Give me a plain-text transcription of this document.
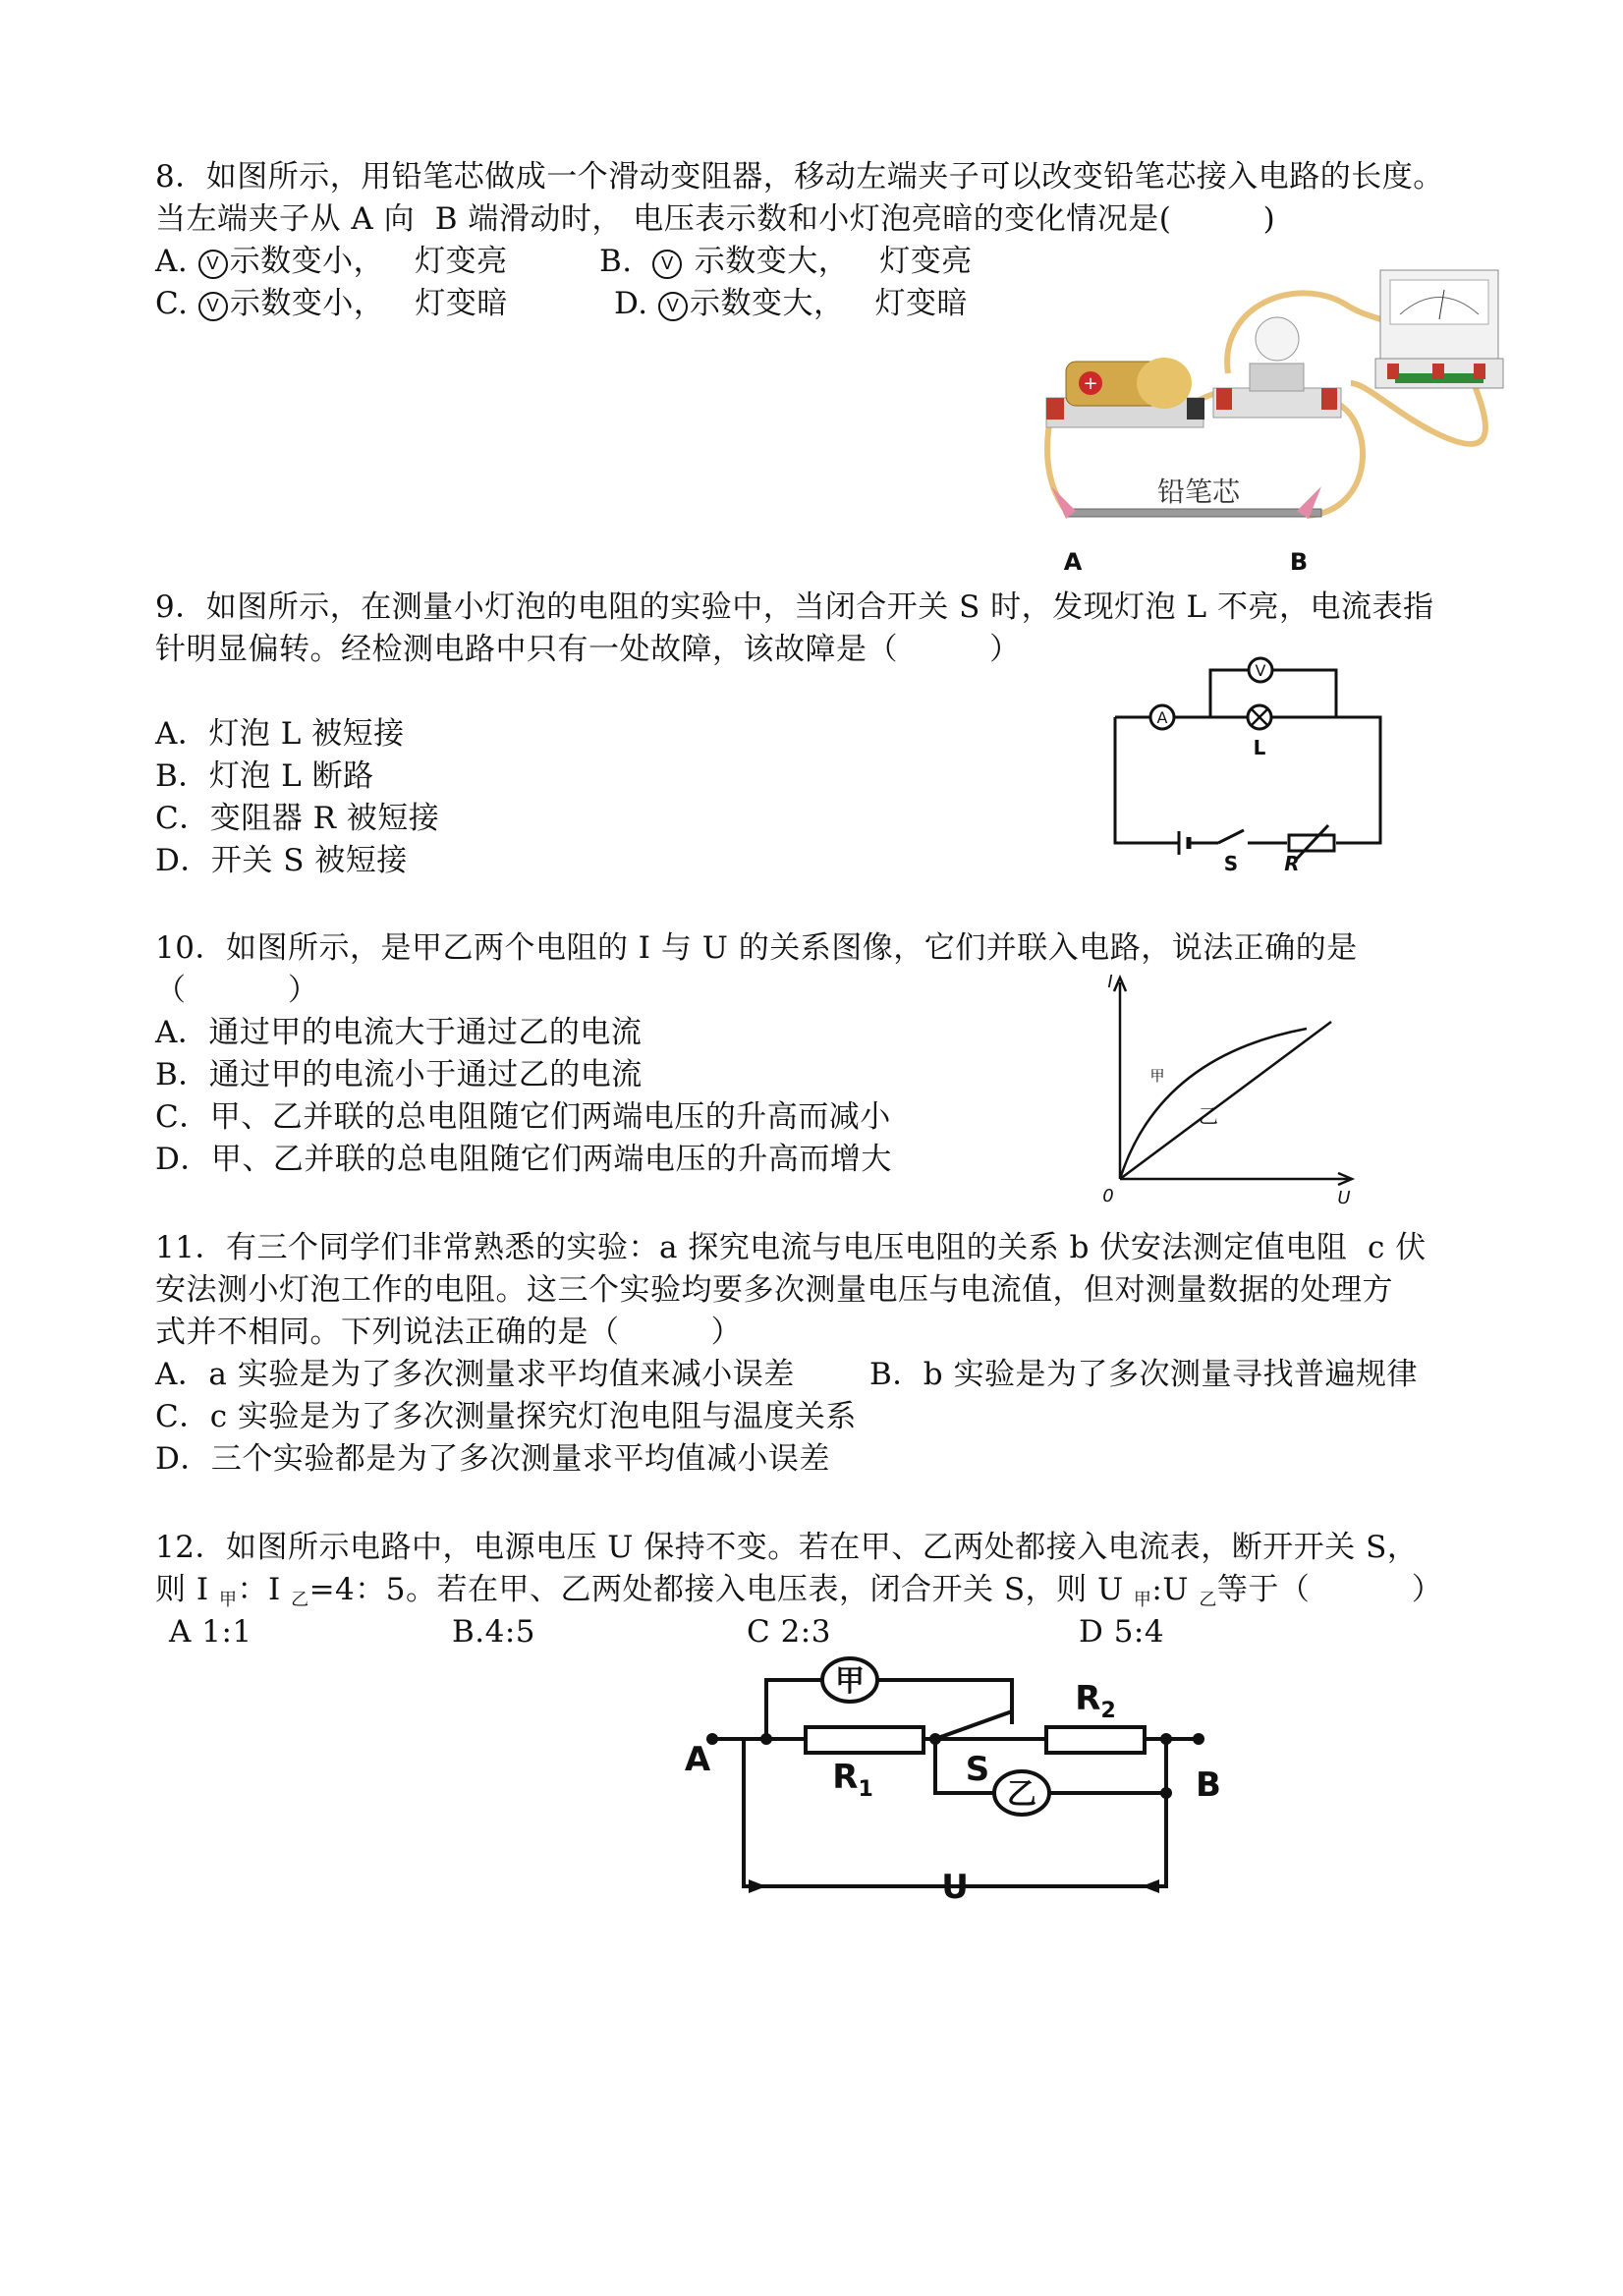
8．如图所示，用铅笔芯做成一个滑动变阻器，移动左端夹子可以改变铅笔芯接入电路的长度。
当左端夹子从 A 向  B 端滑动时， 电压表示数和小灯泡亮暗的变化情况是(         )
A. V 示数变小，   灯变亮	B. V 示数变大，   灯变亮
C. V 示数变小，   灯变暗	D. V 示数变大，   灯变暗
+
铅笔芯
A	B
9．如图所示，在测量小灯泡的电阻的实验中，当闭合开关 S 时，发现灯泡 L 不亮，电流表指
针明显偏转。经检测电路中只有一处故障，该故障是（         ）
A．灯泡 L 被短接
B．灯泡 L 断路
C．变阻器 R 被短接
D．开关 S 被短接
A
V
L
S R
10．如图所示，是甲乙两个电阻的 I 与 U 的关系图像，它们并联入电路，说法正确的是
（          ）
A．通过甲的电流大于通过乙的电流
B．通过甲的电流小于通过乙的电流
C．甲、乙并联的总电阻随它们两端电压的升高而减小
D．甲、乙并联的总电阻随它们两端电压的升高而增大
I
U
0
甲
乙
11．有三个同学们非常熟悉的实验：a 探究电流与电压电阻的关系 b 伏安法测定值电阻  c 伏
安法测小灯泡工作的电阻。这三个实验均要多次测量电压与电流值，但对测量数据的处理方
式并不相同。下列说法正确的是（         ）
A．a 实验是为了多次测量求平均值来减小误差 B．b 实验是为了多次测量寻找普遍规律
C．c 实验是为了多次测量探究灯泡电阻与温度关系
D．三个实验都是为了多次测量求平均值减小误差
12．如图所示电路中，电源电压 U 保持不变。若在甲、乙两处都接入电流表，断开开关 S，
则 I $_甲$：I $_乙$=4：5。若在甲、乙两处都接入电压表，闭合开关 S，则 U $_甲$:U $_乙$等于（          ）
A 1:1	B.4:5	C 2:3	D 5:4
甲
乙
A
B
$R_1$
$R_2$
S
U
